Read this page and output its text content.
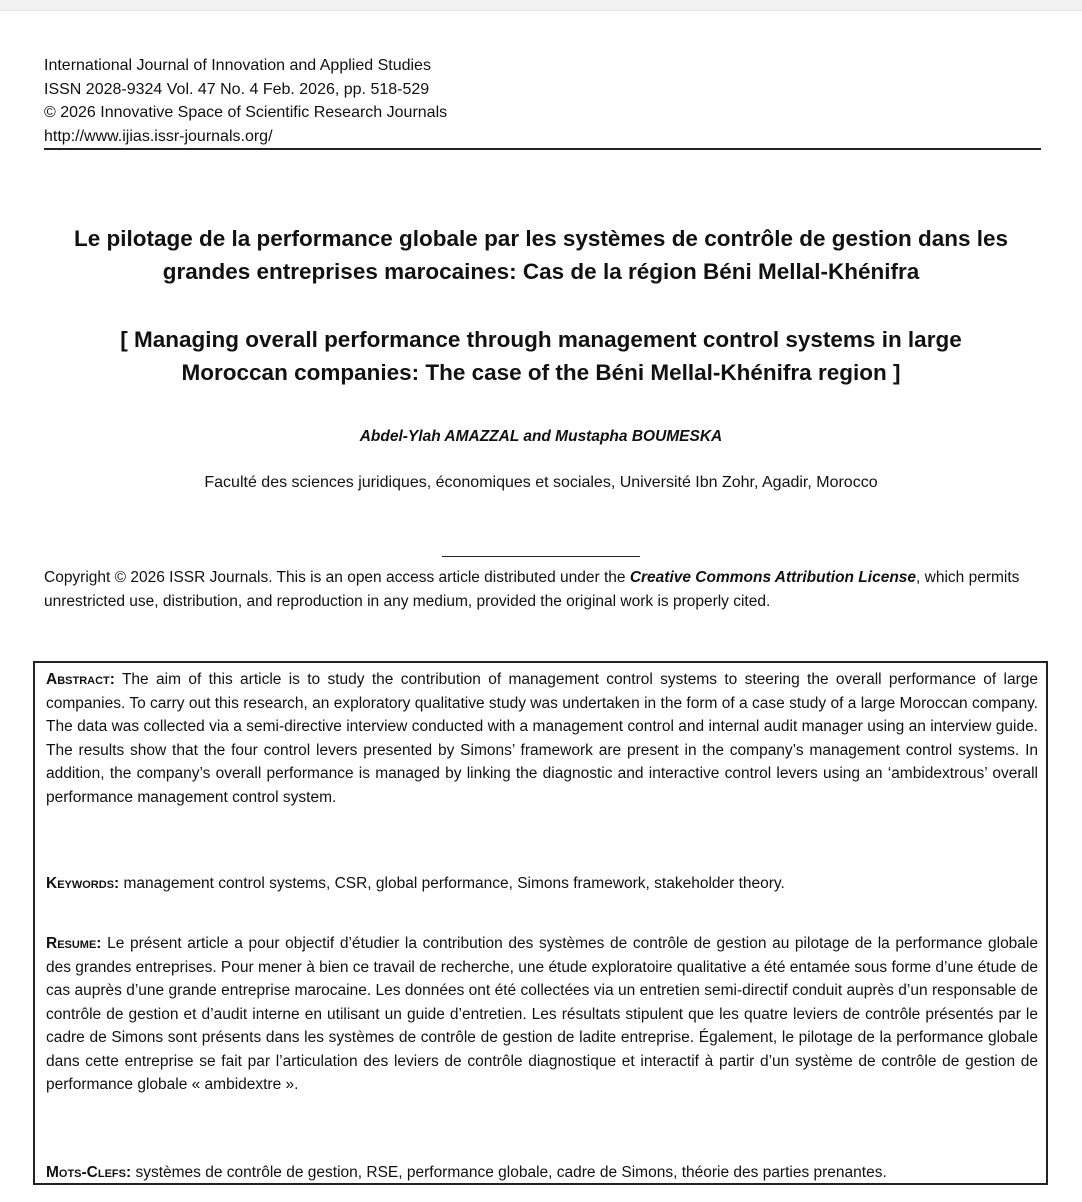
International Journal of Innovation and Applied Studies
ISSN 2028-9324 Vol. 47 No. 4 Feb. 2026, pp. 518-529
© 2026 Innovative Space of Scientific Research Journals
http://www.ijias.issr-journals.org/
Le pilotage de la performance globale par les systèmes de contrôle de gestion dans les
grandes entreprises marocaines: Cas de la région Béni Mellal-Khénifra
[ Managing overall performance through management control systems in large
Moroccan companies: The case of the Béni Mellal-Khénifra region ]
Abdel-Ylah AMAZZAL and Mustapha BOUMESKA
Faculté des sciences juridiques, économiques et sociales, Université Ibn Zohr, Agadir, Morocco
Copyright © 2026 ISSR Journals. This is an open access article distributed under the Creative Commons Attribution License, which permits unrestricted use, distribution, and reproduction in any medium, provided the original work is properly cited.
Abstract: The aim of this article is to study the contribution of management control systems to steering the overall performance of large companies. To carry out this research, an exploratory qualitative study was undertaken in the form of a case study of a large Moroccan company. The data was collected via a semi-directive interview conducted with a management control and internal audit manager using an interview guide. The results show that the four control levers presented by Simons’ framework are present in the company’s management control systems. In addition, the company’s overall performance is managed by linking the diagnostic and interactive control levers using an ‘ambidextrous’ overall performance management control system.
Keywords: management control systems, CSR, global performance, Simons framework, stakeholder theory.
Resume: Le présent article a pour objectif d’étudier la contribution des systèmes de contrôle de gestion au pilotage de la performance globale des grandes entreprises. Pour mener à bien ce travail de recherche, une étude exploratoire qualitative a été entamée sous forme d’une étude de cas auprès d’une grande entreprise marocaine. Les données ont été collectées via un entretien semi-directif conduit auprès d’un responsable de contrôle de gestion et d’audit interne en utilisant un guide d’entretien. Les résultats stipulent que les quatre leviers de contrôle présentés par le cadre de Simons sont présents dans les systèmes de contrôle de gestion de ladite entreprise. Également, le pilotage de la performance globale dans cette entreprise se fait par l’articulation des leviers de contrôle diagnostique et interactif à partir d’un système de contrôle de gestion de performance globale « ambidextre ».
Mots-Clefs: systèmes de contrôle de gestion, RSE, performance globale, cadre de Simons, théorie des parties prenantes.
